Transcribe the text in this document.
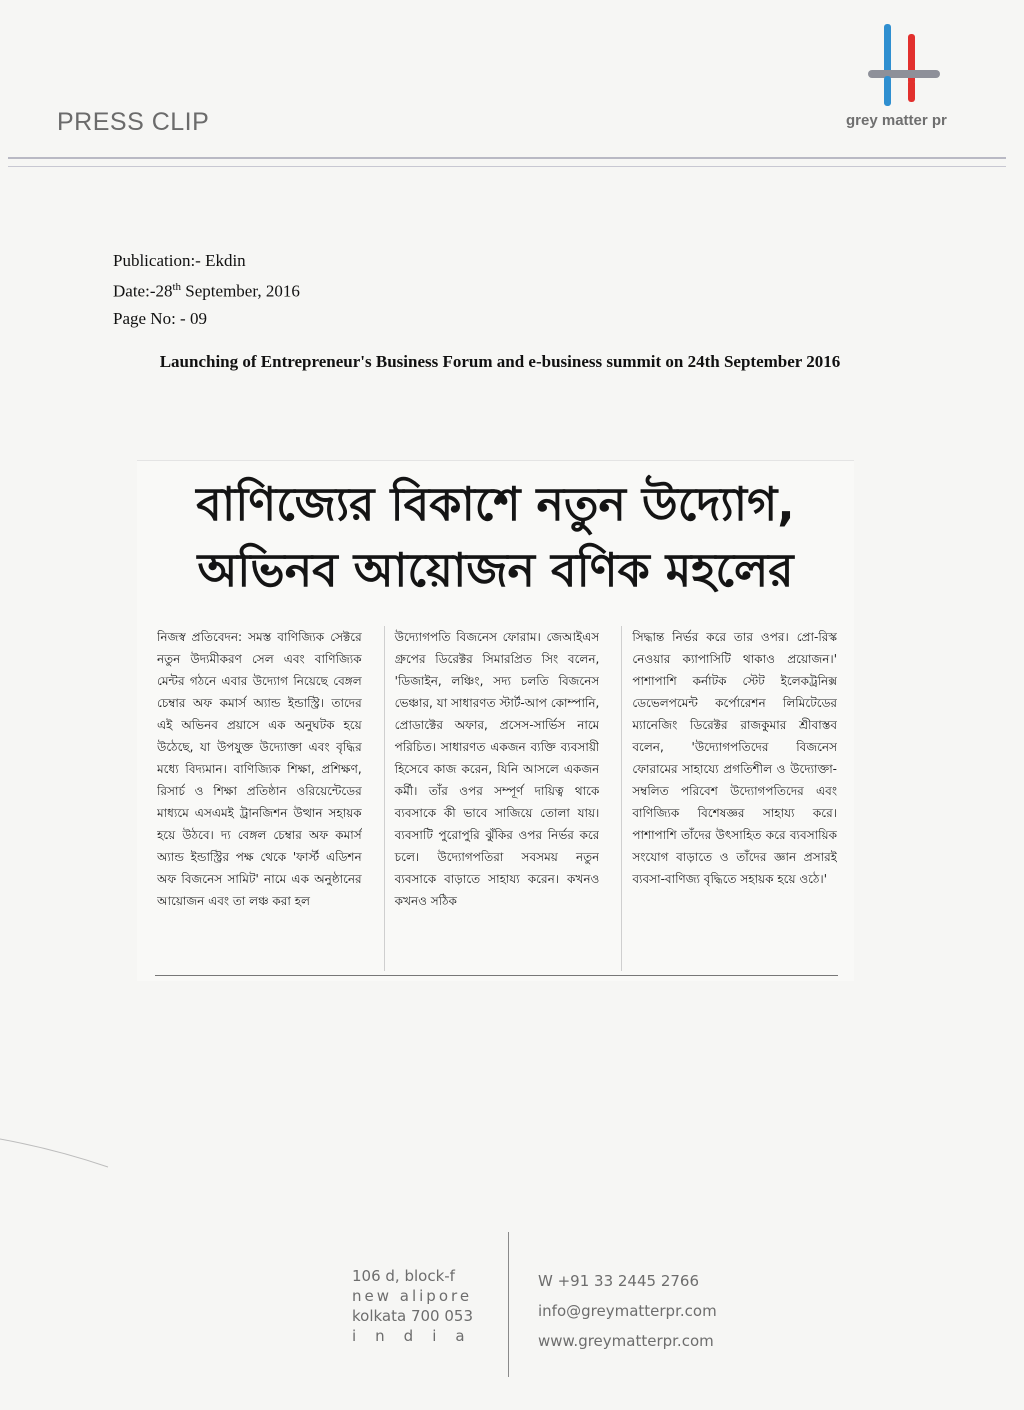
PRESS CLIP	grey matter pr
Publication:- Ekdin
Date:-28th September, 2016
Page No: - 09
Launching of Entrepreneur's Business Forum and e-business summit on 24th September 2016
বাণিজ্যের বিকাশে নতুন উদ্যোগ,
অভিনব আয়োজন বণিক মহলের
নিজস্ব প্রতিবেদন: সমস্ত বাণিজ্যিক সেক্টরে নতুন উদ্যমীকরণ সেল এবং বাণিজ্যিক মেন্টর গঠনে এবার উদ্যোগ নিয়েছে বেঙ্গল চেম্বার অফ কমার্স অ্যান্ড ইন্ডাস্ট্রি। তাদের এই অভিনব প্রয়াসে এক অনুঘটক হয়ে উঠেছে, যা উপযুক্ত উদ্যোক্তা এবং বৃদ্ধির মধ্যে বিদ্যমান। বাণিজ্যিক শিক্ষা, প্রশিক্ষণ, রিসার্চ ও শিক্ষা প্রতিষ্ঠান ওরিয়েন্টেডের মাধ্যমে এসএমই ট্রানজিশন উত্থান সহায়ক হয়ে উঠবে। দ্য বেঙ্গল চেম্বার অফ কমার্স অ্যান্ড ইন্ডাস্ট্রির পক্ষ থেকে 'ফার্স্ট এডিশন অফ বিজনেস সামিট' নামে এক অনুষ্ঠানের আয়োজন এবং তা লঞ্চ করা হল
উদ্যোগপতি বিজনেস ফোরাম। জেআইএস গ্রুপের ডিরেক্টর সিমারপ্রিত সিং বলেন, 'ডিজাইন, লঞ্চিং, সদ্য চলতি বিজনেস ভেঞ্চার, যা সাধারণত স্টার্ট-আপ কোম্পানি, প্রোডাক্টের অফার, প্রসেস-সার্ভিস নামে পরিচিত। সাধারণত একজন ব্যক্তি ব্যবসায়ী হিসেবে কাজ করেন, যিনি আসলে একজন কর্মী। তাঁর ওপর সম্পূর্ণ দায়িত্ব থাকে ব্যবসাকে কী ভাবে সাজিয়ে তোলা যায়। ব্যবসাটি পুরোপুরি ঝুঁকির ওপর নির্ভর করে চলে। উদ্যোগপতিরা সবসময় নতুন ব্যবসাকে বাড়াতে সাহায্য করেন। কখনও কখনও সঠিক
সিদ্ধান্ত নির্ভর করে তার ওপর। প্রো-রিস্ক নেওয়ার ক্যাপাসিটি থাকাও প্রয়োজন।' পাশাপাশি কর্নাটক স্টেট ইলেকট্রনিক্স ডেভেলপমেন্ট কর্পোরেশন লিমিটেডের ম্যানেজিং ডিরেক্টর রাজকুমার শ্রীবাস্তব বলেন, 'উদ্যোগপতিদের বিজনেস ফোরামের সাহায্যে প্রগতিশীল ও উদ্যোক্তা-সম্বলিত পরিবেশ উদ্যোগপতিদের এবং বাণিজ্যিক বিশেষজ্ঞর সাহায্য করে। পাশাপাশি তাঁদের উৎসাহিত করে ব্যবসায়িক সংযোগ বাড়াতে ও তাঁদের জ্ঞান প্রসারই ব্যবসা-বাণিজ্য বৃদ্ধিতে সহায়ক হয়ে ওঠে।'
106 d, block-f
new alipore
kolkata 700 053
india
W +91 33 2445 2766
info@greymatterpr.com
www.greymatterpr.com
